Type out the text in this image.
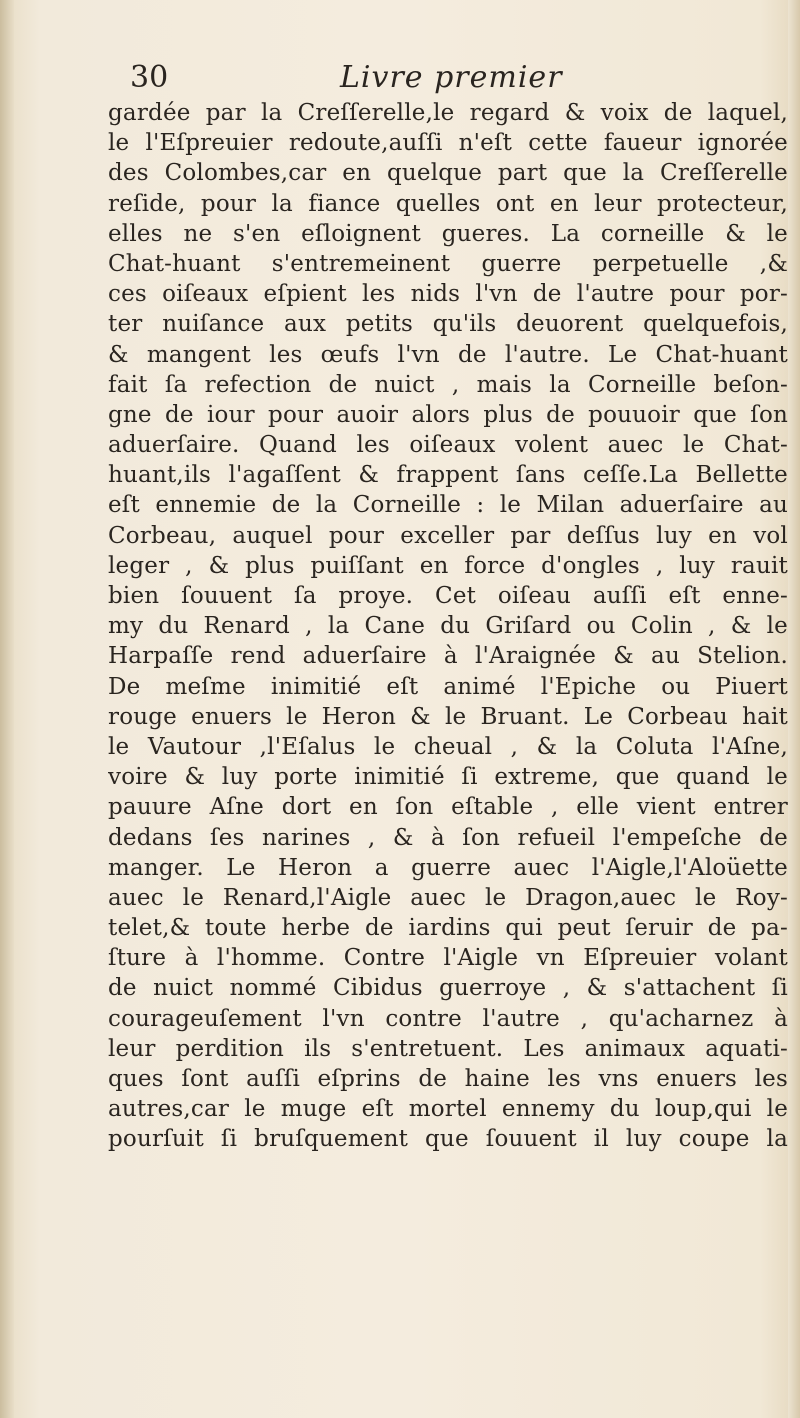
30	Livre premier
gardée par la Creſſerelle,le regard & voix de laquel,
le l'Eſpreuier redoute,auſſi n'eſt cette faueur ignorée
des Colombes,car en quelque part que la Creſſerelle
reſide, pour la fiance quelles ont en leur protecteur,
elles ne s'en eſloignent gueres. La corneille & le
Chat-huant s'entremeinent guerre perpetuelle ,&
ces oiſeaux eſpient les nids l'vn de l'autre pour por-
ter nuiſance aux petits qu'ils deuorent quelquefois,
& mangent les œufs l'vn de l'autre. Le Chat-huant
fait ſa refection de nuict , mais la Corneille beſon-
gne de iour pour auoir alors plus de pouuoir que ſon
aduerſaire. Quand les oiſeaux volent auec le Chat-
huant,ils l'agaſſent & frappent ſans ceſſe.La Bellette
eſt ennemie de la Corneille : le Milan aduerſaire au
Corbeau, auquel pour exceller par deſſus luy en vol
leger , & plus puiſſant en force d'ongles , luy rauit
bien ſouuent ſa proye. Cet oiſeau auſſi eſt enne-
my du Renard , la Cane du Griſard ou Colin , & le
Harpaſſe rend aduerſaire à l'Araignée & au Stelion.
De meſme inimitié eſt animé l'Epiche ou Piuert
rouge enuers le Heron & le Bruant. Le Corbeau hait
le Vautour ,l'Eſalus le cheual , & la Coluta l'Aſne,
voire & luy porte inimitié ſi extreme, que quand le
pauure Aſne dort en ſon eſtable , elle vient entrer
dedans ſes narines , & à ſon refueil l'empeſche de
manger. Le Heron a guerre auec l'Aigle,l'Aloüette
auec le Renard,l'Aigle auec le Dragon,auec le Roy-
telet,& toute herbe de iardins qui peut ſeruir de pa-
ſture à l'homme. Contre l'Aigle vn Eſpreuier volant
de nuict nommé Cibidus guerroye , & s'attachent ſi
courageuſement l'vn contre l'autre , qu'acharnez à
leur perdition ils s'entretuent. Les animaux aquati-
ques ſont auſſi eſprins de haine les vns enuers les
autres,car le muge eſt mortel ennemy du loup,qui le
pourſuit ſi bruſquement que ſouuent il luy coupe la
